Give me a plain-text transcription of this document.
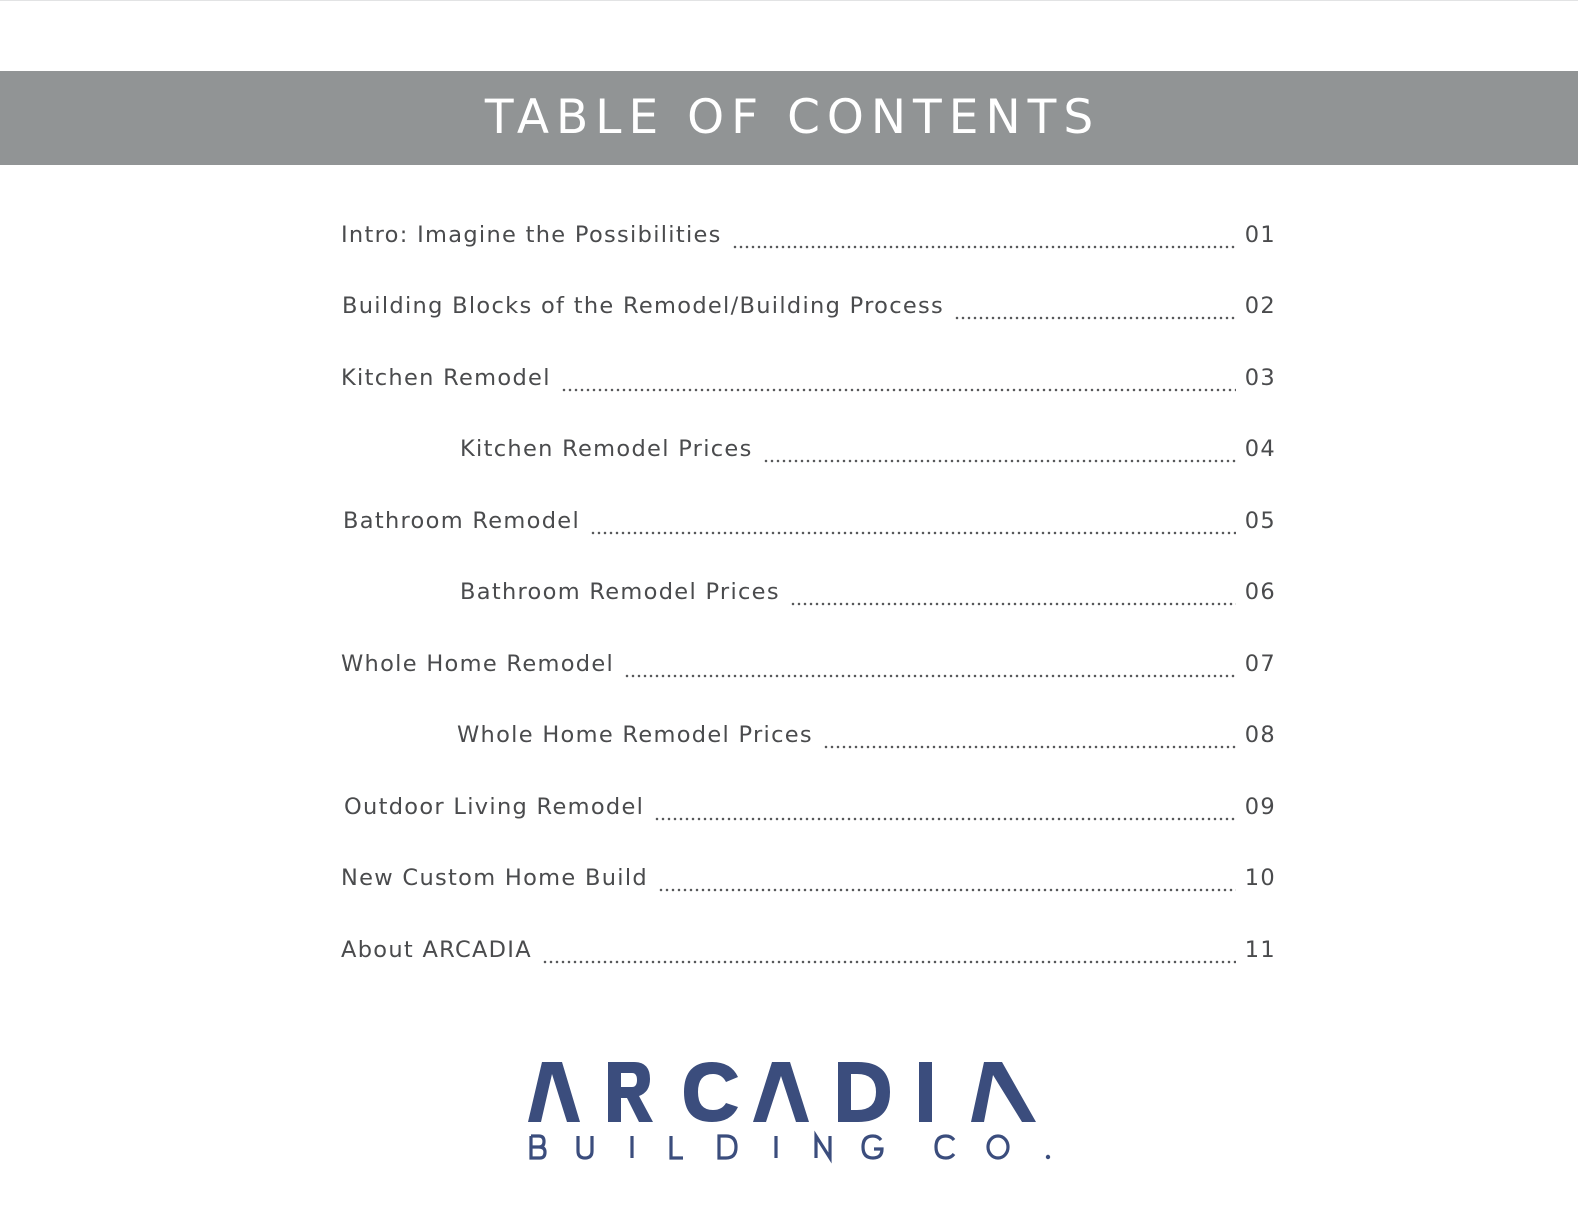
TABLE OF CONTENTS
Intro: Imagine the Possibilities	01
Building Blocks of the Remodel/Building Process	02
Kitchen Remodel	03
Kitchen Remodel Prices	04
Bathroom Remodel	05
Bathroom Remodel Prices	06
Whole Home Remodel	07
Whole Home Remodel Prices	08
Outdoor Living Remodel	09
New Custom Home Build	10
About ARCADIA	11
